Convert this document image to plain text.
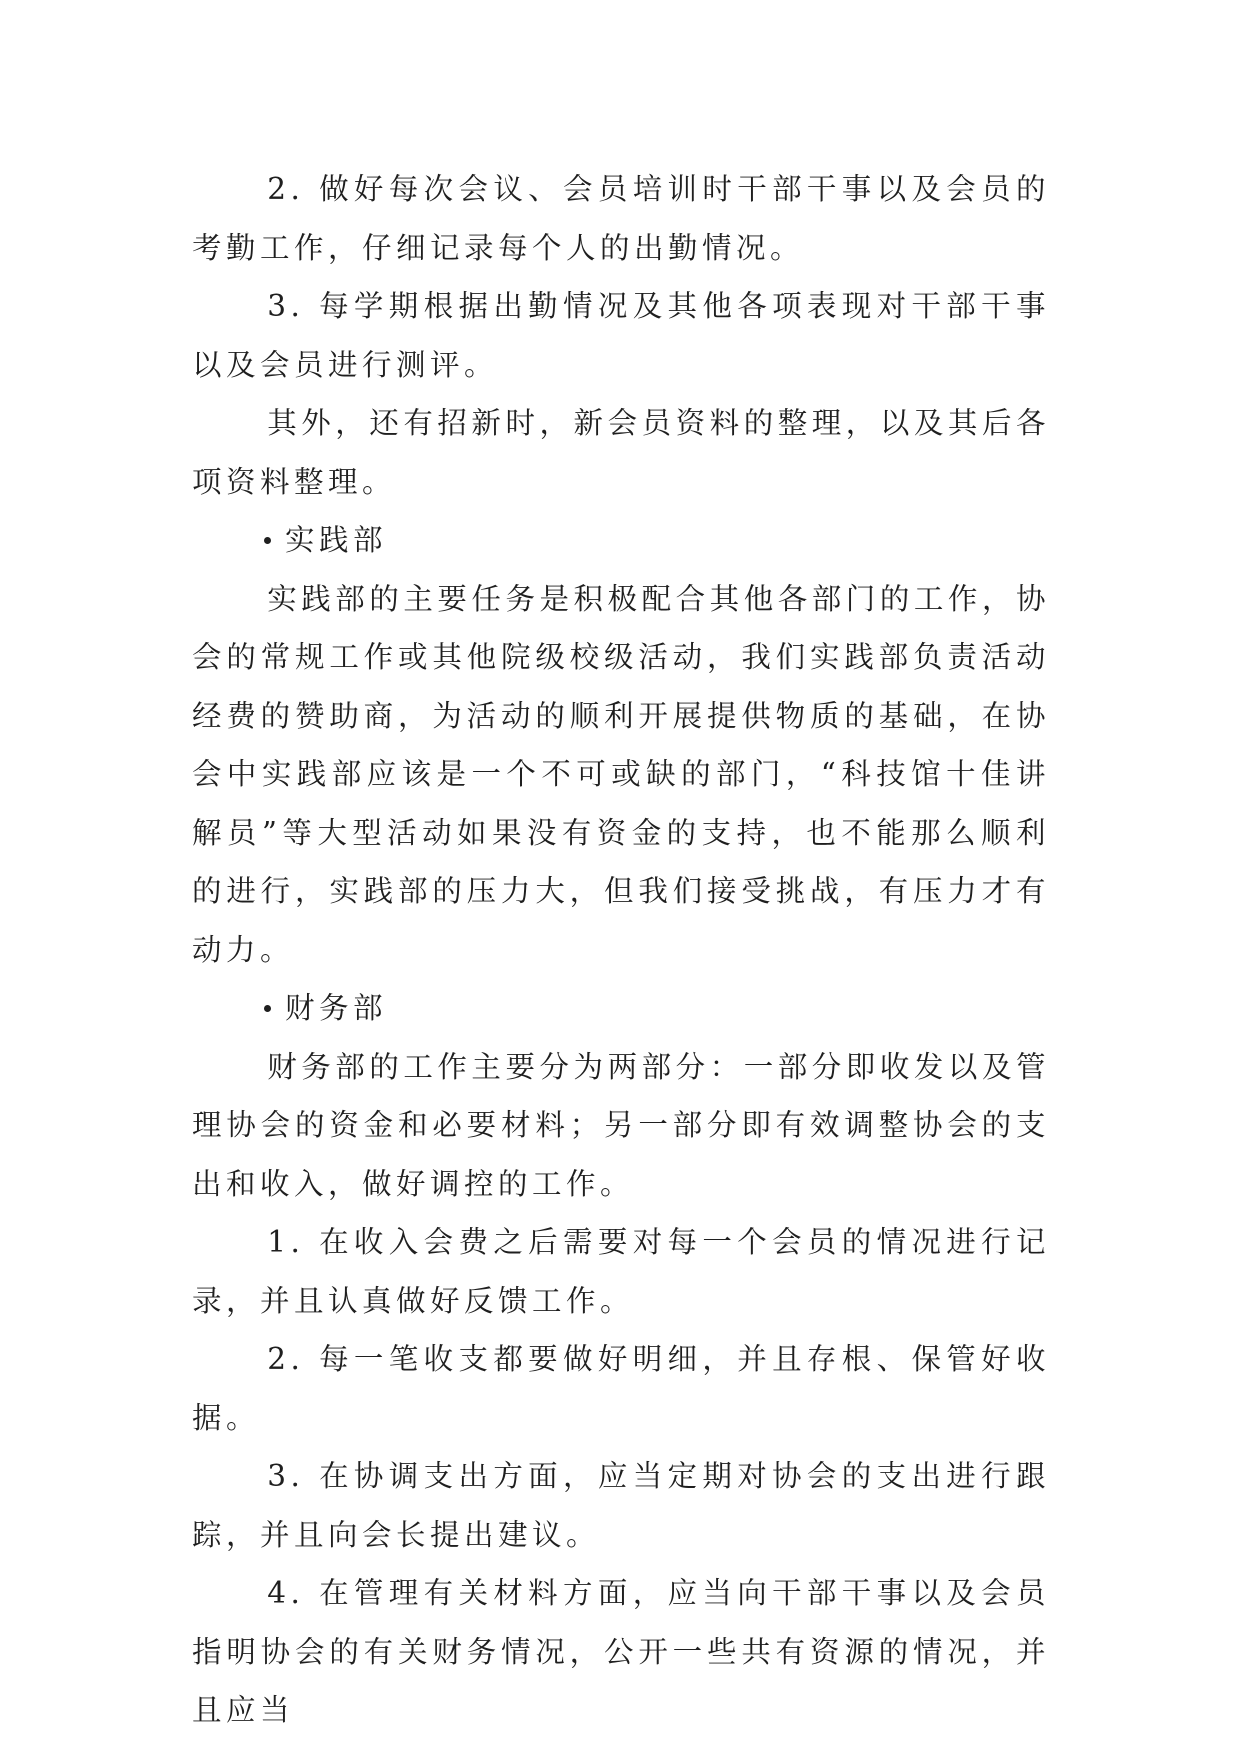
2. 做好每次会议、会员培训时干部干事以及会员的考勤工作，仔细记录每个人的出勤情况。

3. 每学期根据出勤情况及其他各项表现对干部干事以及会员进行测评。

其外，还有招新时，新会员资料的整理，以及其后各项资料整理。

实践部

实践部的主要任务是积极配合其他各部门的工作，协会的常规工作或其他院级校级活动，我们实践部负责活动经费的赞助商，为活动的顺利开展提供物质的基础，在协会中实践部应该是一个不可或缺的部门，“科技馆十佳讲解员”等大型活动如果没有资金的支持，也不能那么顺利的进行，实践部的压力大，但我们接受挑战，有压力才有动力。

财务部

财务部的工作主要分为两部分：一部分即收发以及管理协会的资金和必要材料；另一部分即有效调整协会的支出和收入，做好调控的工作。

1. 在收入会费之后需要对每一个会员的情况进行记录，并且认真做好反馈工作。

2. 每一笔收支都要做好明细，并且存根、保管好收据。

3. 在协调支出方面，应当定期对协会的支出进行跟踪，并且向会长提出建议。

4. 在管理有关材料方面，应当向干部干事以及会员指明协会的有关财务情况，公开一些共有资源的情况，并且应当
